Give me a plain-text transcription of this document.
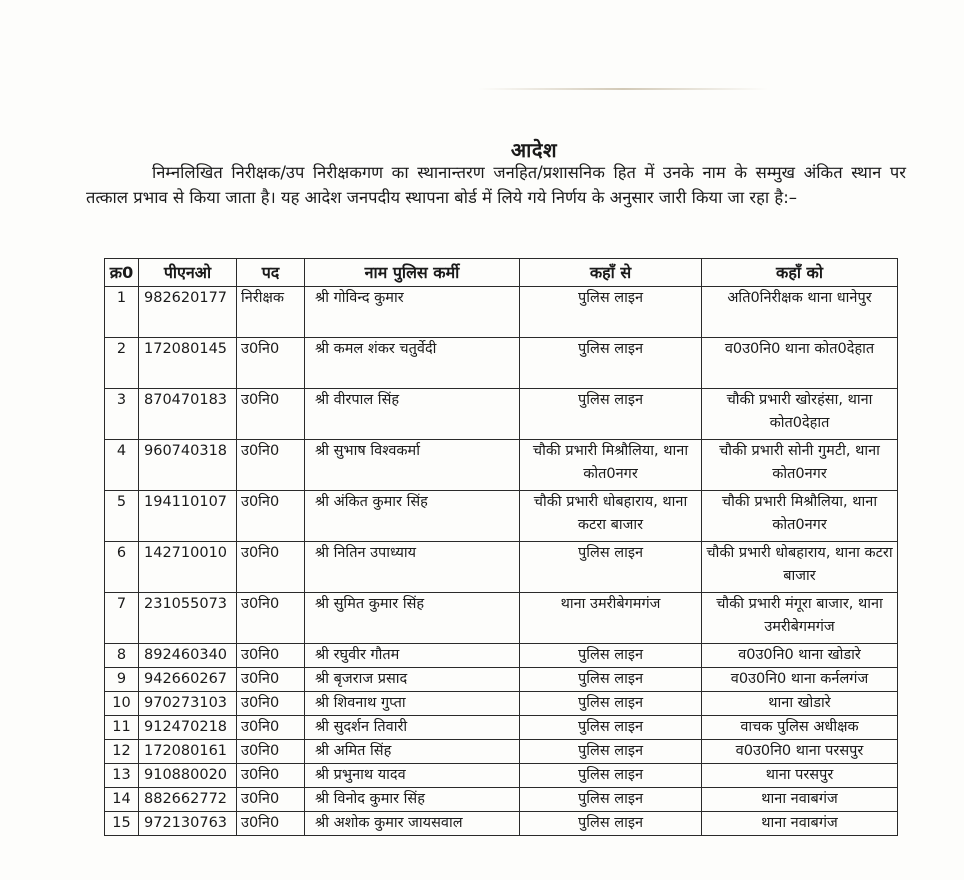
आदेश
निम्नलिखित निरीक्षक/उप निरीक्षकगण का स्थानान्तरण जनहित/प्रशासनिक हित में उनके नाम के सम्मुख अंकित स्थान पर तत्काल प्रभाव से किया जाता है। यह आदेश जनपदीय स्थापना बोर्ड में लिये गये निर्णय के अनुसार जारी किया जा रहा है:–
क्र0	पीएनओ	पद	नाम पुलिस कर्मी	कहाँ से	कहाँ को
1	982620177	निरीक्षक	श्री गोविन्द कुमार	पुलिस लाइन	अति0निरीक्षक थाना धानेपुर
2	172080145	उ0नि0	श्री कमल शंकर चतुर्वेदी	पुलिस लाइन	व0उ0नि0 थाना कोत0देहात
3	870470183	उ0नि0	श्री वीरपाल सिंह	पुलिस लाइन	चौकी प्रभारी खोरहंसा, थाना कोत0देहात
4	960740318	उ0नि0	श्री सुभाष विश्वकर्मा	चौकी प्रभारी मिश्रौलिया, थाना कोत0नगर	चौकी प्रभारी सोनी गुमटी, थाना कोत0नगर
5	194110107	उ0नि0	श्री अंकित कुमार सिंह	चौकी प्रभारी धोबहाराय, थाना कटरा बाजार	चौकी प्रभारी मिश्रौलिया, थाना कोत0नगर
6	142710010	उ0नि0	श्री नितिन उपाध्याय	पुलिस लाइन	चौकी प्रभारी धोबहाराय, थाना कटरा बाजार
7	231055073	उ0नि0	श्री सुमित कुमार सिंह	थाना उमरीबेगमगंज	चौकी प्रभारी मंगूरा बाजार, थाना उमरीबेगमगंज
8	892460340	उ0नि0	श्री रघुवीर गौतम	पुलिस लाइन	व0उ0नि0 थाना खोडारे
9	942660267	उ0नि0	श्री बृजराज प्रसाद	पुलिस लाइन	व0उ0नि0 थाना कर्नलगंज
10	970273103	उ0नि0	श्री शिवनाथ गुप्ता	पुलिस लाइन	थाना खोडारे
11	912470218	उ0नि0	श्री सुदर्शन तिवारी	पुलिस लाइन	वाचक पुलिस अधीक्षक
12	172080161	उ0नि0	श्री अमित सिंह	पुलिस लाइन	व0उ0नि0 थाना परसपुर
13	910880020	उ0नि0	श्री प्रभुनाथ यादव	पुलिस लाइन	थाना परसपुर
14	882662772	उ0नि0	श्री विनोद कुमार सिंह	पुलिस लाइन	थाना नवाबगंज
15	972130763	उ0नि0	श्री अशोक कुमार जायसवाल	पुलिस लाइन	थाना नवाबगंज
